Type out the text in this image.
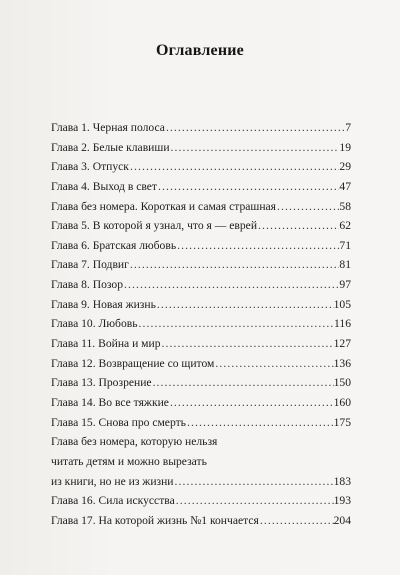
Оглавление
Глава 1. Черная полоса .....	7
Глава 2. Белые клавиши .....	19
Глава 3. Отпуск .....	29
Глава 4. Выход в свет .....	47
Глава без номера. Короткая и самая страшная .....	58
Глава 5. В которой я узнал, что я — еврей .....	62
Глава 6. Братская любовь .....	71
Глава 7. Подвиг .....	81
Глава 8. Позор .....	97
Глава 9. Новая жизнь .....	105
Глава 10. Любовь .....	116
Глава 11. Война и мир .....	127
Глава 12. Возвращение со щитом .....	136
Глава 13. Прозрение .....	150
Глава 14. Во все тяжкие .....	160
Глава 15. Снова про смерть .....	175
Глава без номера, которую нельзя
читать детям и можно вырезать
из книги, но не из жизни .....	183
Глава 16. Сила искусства .....	193
Глава 17. На которой жизнь №1 кончается .....	204
